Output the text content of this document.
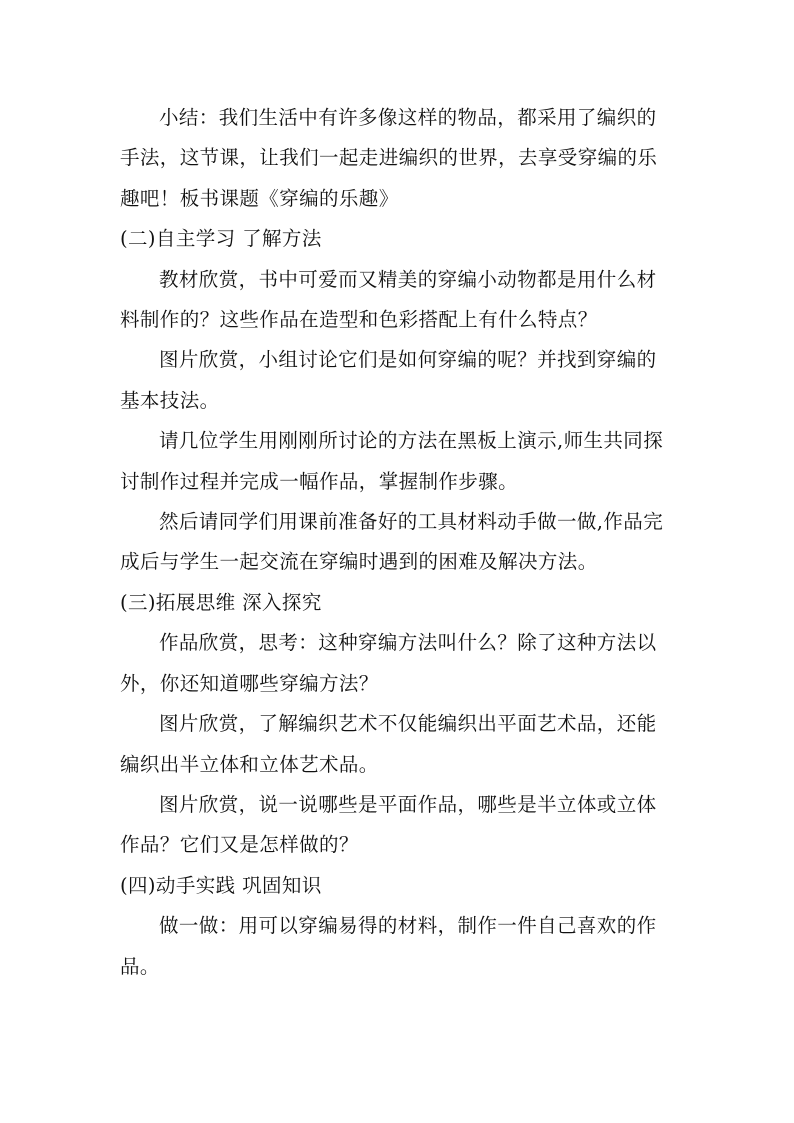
小结：我们生活中有许多像这样的物品，都采用了编织的手法，这节课，让我们一起走进编织的世界，去享受穿编的乐趣吧！板书课题《穿编的乐趣》

(二)自主学习 了解方法

教材欣赏，书中可爱而又精美的穿编小动物都是用什么材料制作的？这些作品在造型和色彩搭配上有什么特点？

图片欣赏，小组讨论它们是如何穿编的呢？并找到穿编的基本技法。

请几位学生用刚刚所讨论的方法在黑板上演示,师生共同探讨制作过程并完成一幅作品，掌握制作步骤。

然后请同学们用课前准备好的工具材料动手做一做,作品完成后与学生一起交流在穿编时遇到的困难及解决方法。

(三)拓展思维 深入探究

作品欣赏，思考：这种穿编方法叫什么？除了这种方法以外，你还知道哪些穿编方法？

图片欣赏，了解编织艺术不仅能编织出平面艺术品，还能编织出半立体和立体艺术品。

图片欣赏，说一说哪些是平面作品，哪些是半立体或立体作品？它们又是怎样做的？

(四)动手实践 巩固知识

做一做：用可以穿编易得的材料，制作一件自己喜欢的作品。
